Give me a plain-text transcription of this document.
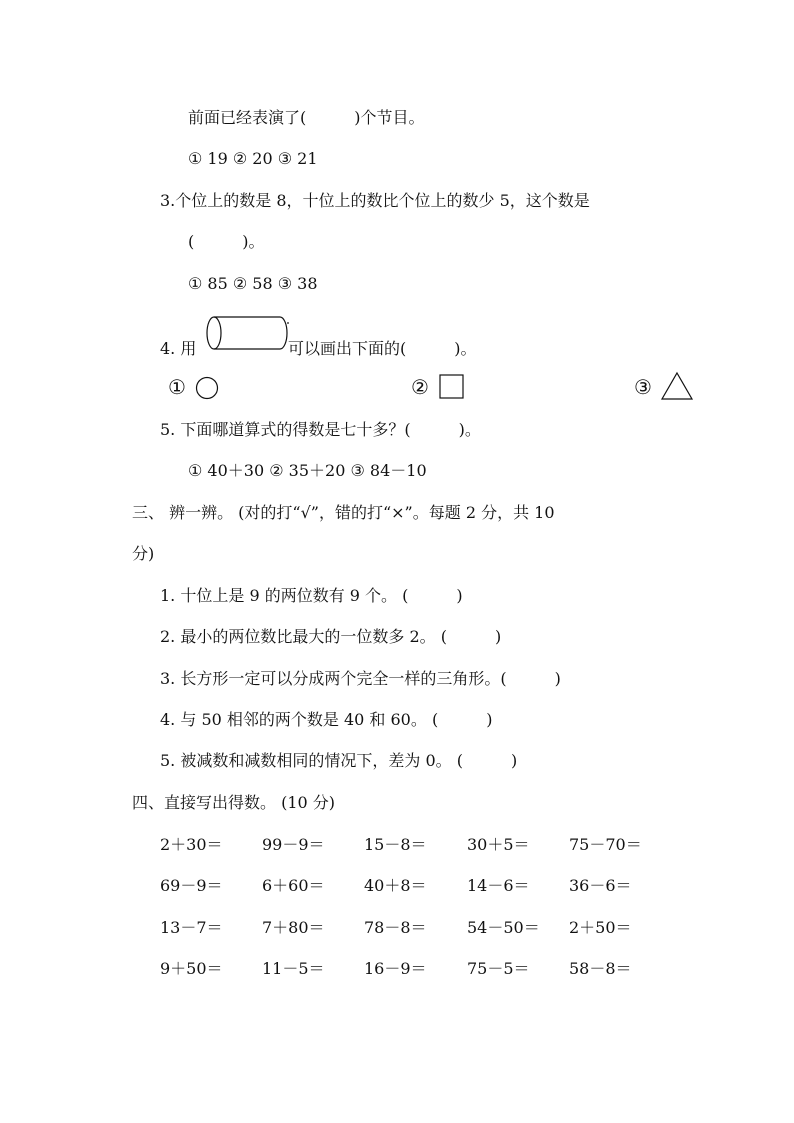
前面已经表演了(　　　)个节目。
① 19 ② 20 ③ 21
3.个位上的数是 8，十位上的数比个位上的数少 5，这个数是
(　　　)。
① 85 ② 58 ③ 38
4. 用	可以画出下面的(　　　)。
①	②	③
5. 下面哪道算式的得数是七十多？(　　　)。
① 40＋30 ② 35＋20 ③ 84－10
三、 辨一辨。 (对的打“√”，错的打“×”。每题 2 分，共 10
分)
1. 十位上是 9 的两位数有 9 个。 (　　　)
2. 最小的两位数比最大的一位数多 2。 (　　　)
3. 长方形一定可以分成两个完全一样的三角形。(　　　)
4. 与 50 相邻的两个数是 40 和 60。 (　　　)
5. 被减数和减数相同的情况下，差为 0。 (　　　)
四、直接写出得数。 (10 分)
2＋30＝ 99－9＝ 15－8＝	30＋5＝ 75－70＝
69－9＝ 6＋60＝ 40＋8＝	14－6＝ 36－6＝
13－7＝ 7＋80＝ 78－8＝	54－50＝ 2＋50＝
9＋50＝ 11－5＝ 16－9＝	75－5＝ 58－8＝
